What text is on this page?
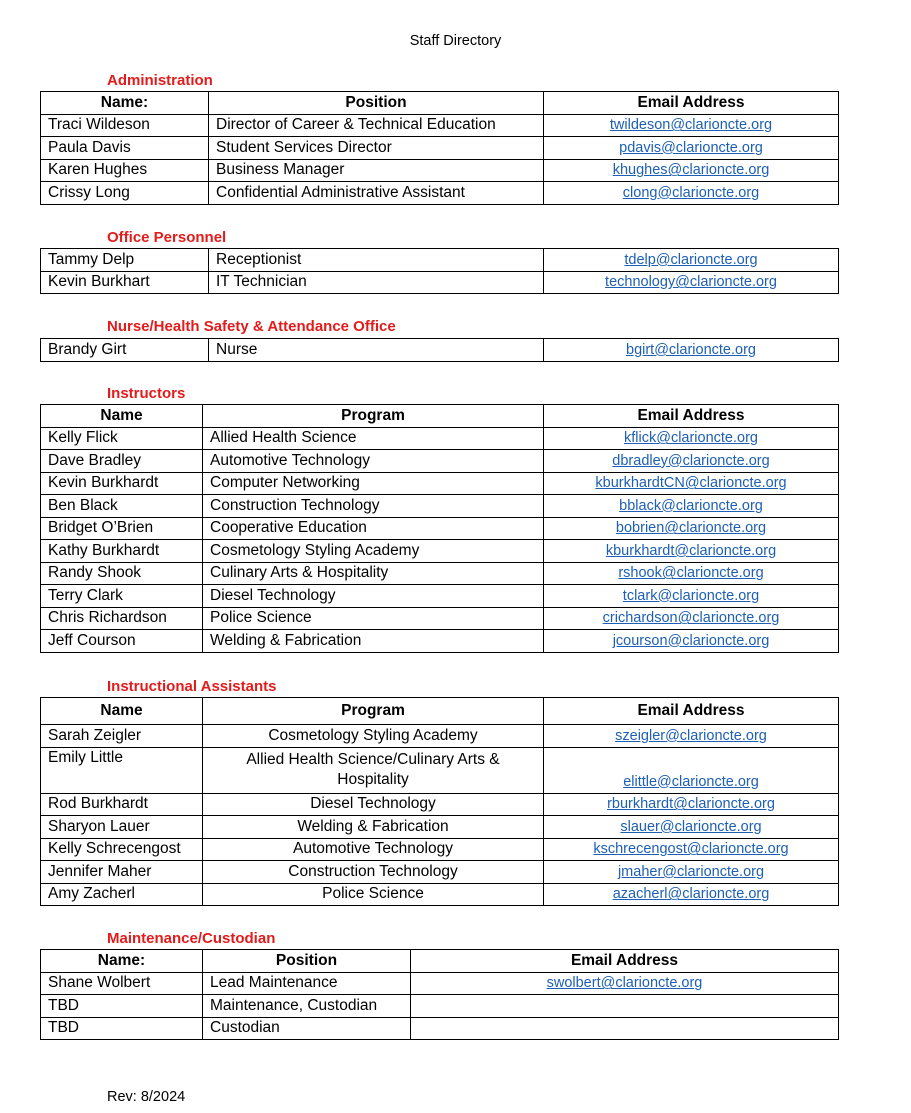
Staff Directory
Administration
Name:	Position	Email Address
Traci Wildeson	Director of Career & Technical Education	twildeson@clarioncte.org
Paula Davis	Student Services Director	pdavis@clarioncte.org
Karen Hughes	Business Manager	khughes@clarioncte.org
Crissy Long	Confidential Administrative Assistant	clong@clarioncte.org
Office Personnel
Tammy Delp	Receptionist	tdelp@clarioncte.org
Kevin Burkhart	IT Technician	technology@clarioncte.org
Nurse/Health Safety & Attendance Office
Brandy Girt	Nurse	bgirt@clarioncte.org
Instructors
Name	Program	Email Address
Kelly Flick	Allied Health Science	kflick@clarioncte.org
Dave Bradley	Automotive Technology	dbradley@clarioncte.org
Kevin Burkhardt	Computer Networking	kburkhardtCN@clarioncte.org
Ben Black	Construction Technology	bblack@clarioncte.org
Bridget O’Brien	Cooperative Education	bobrien@clarioncte.org
Kathy Burkhardt	Cosmetology Styling Academy	kburkhardt@clarioncte.org
Randy Shook	Culinary Arts & Hospitality	rshook@clarioncte.org
Terry Clark	Diesel Technology	tclark@clarioncte.org
Chris Richardson	Police Science	crichardson@clarioncte.org
Jeff Courson	Welding & Fabrication	jcourson@clarioncte.org
Instructional Assistants
Name	Program	Email Address
Sarah Zeigler	Cosmetology Styling Academy	szeigler@clarioncte.org
Emily Little	Allied Health Science/Culinary Arts & Hospitality	elittle@clarioncte.org
Rod Burkhardt	Diesel Technology	rburkhardt@clarioncte.org
Sharyon Lauer	Welding & Fabrication	slauer@clarioncte.org
Kelly Schrecengost	Automotive Technology	kschrecengost@clarioncte.org
Jennifer Maher	Construction Technology	jmaher@clarioncte.org
Amy Zacherl	Police Science	azacherl@clarioncte.org
Maintenance/Custodian
Name:	Position	Email Address
Shane Wolbert	Lead Maintenance	swolbert@clarioncte.org
TBD	Maintenance, Custodian	
TBD	Custodian	
Rev: 8/2024
